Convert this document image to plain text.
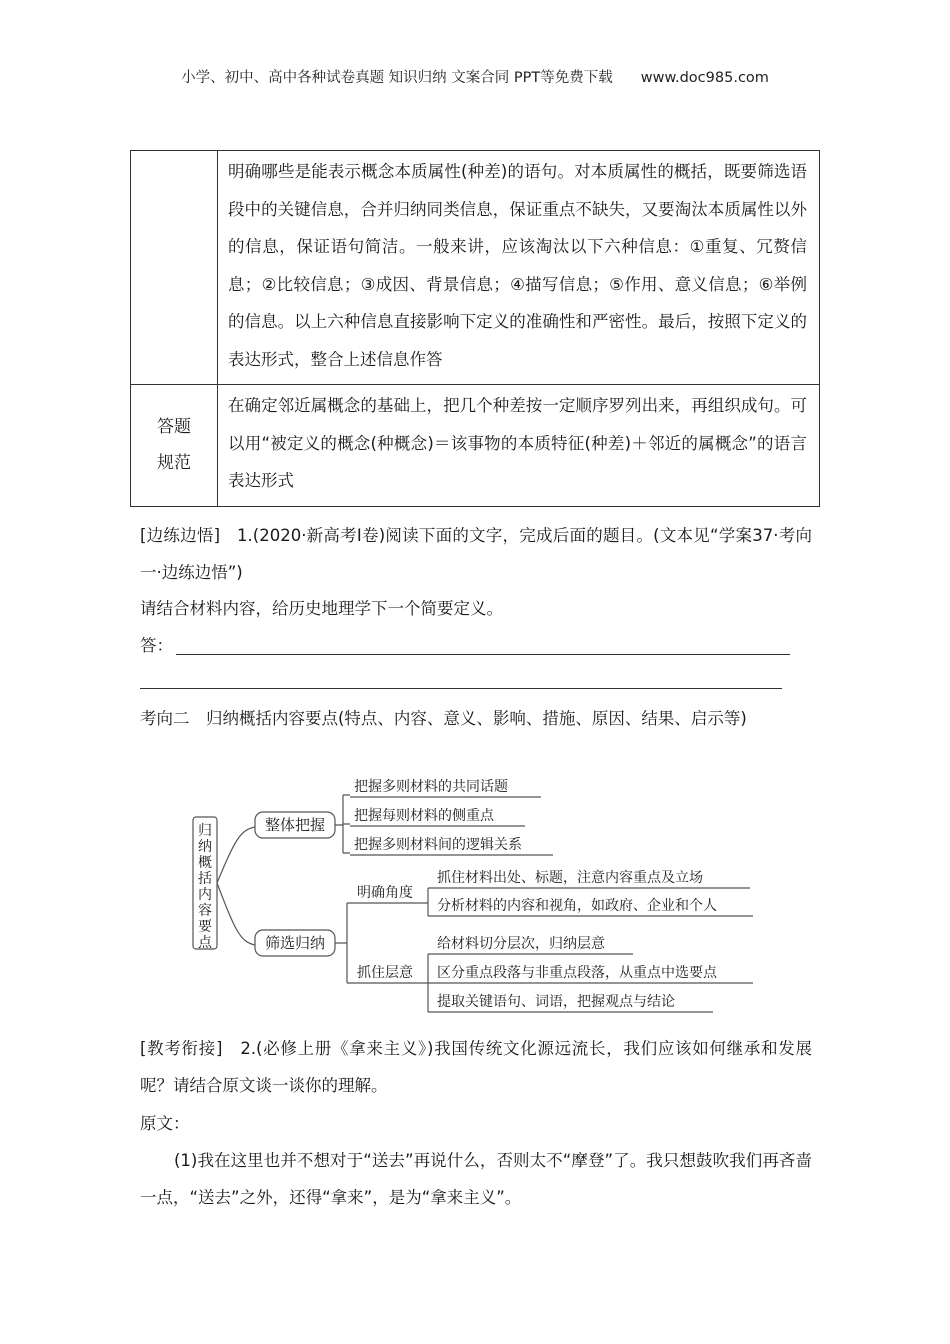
小学、初中、高中各种试卷真题 知识归纳 文案合同 PPT等免费下载 www.doc985.com

	明确哪些是能表示概念本质属性(种差)的语句。对本质属性的概括，既要筛选语段中的关键信息，合并归纳同类信息，保证重点不缺失，又要淘汰本质属性以外的信息，保证语句简洁。一般来讲，应该淘汰以下六种信息：①重复、冗赘信息；②比较信息；③成因、背景信息；④描写信息；⑤作用、意义信息；⑥举例的信息。以上六种信息直接影响下定义的准确性和严密性。最后，按照下定义的表达形式，整合上述信息作答

答题
规范	在确定邻近属概念的基础上，把几个种差按一定顺序罗列出来，再组织成句。可以用“被定义的概念(种概念)＝该事物的本质特征(种差)＋邻近的属概念”的语言表达形式
[边练边悟]　1.(2020·新高考Ⅰ卷)阅读下面的文字，完成后面的题目。(文本见“学案37·考向一·边练边悟”)
请结合材料内容，给历史地理学下一个简要定义。
答：
考向二　归纳概括内容要点(特点、内容、意义、影响、措施、原因、结果、启示等)
归
纳
概
括
内
容
要
点
整体把握
筛选归纳
把握多则材料的共同话题
把握每则材料的侧重点
把握多则材料间的逻辑关系
明确角度
抓住层意
抓住材料出处、标题，注意内容重点及立场
分析材料的内容和视角，如政府、企业和个人
给材料切分层次，归纳层意
区分重点段落与非重点段落，从重点中选要点
提取关键语句、词语，把握观点与结论
[教考衔接]　2.(必修上册《拿来主义》)我国传统文化源远流长，我们应该如何继承和发展呢？请结合原文谈一谈你的理解。
原文：
(1)我在这里也并不想对于“送去”再说什么，否则太不“摩登”了。我只想鼓吹我们再吝啬一点，“送去”之外，还得“拿来”，是为“拿来主义”。
